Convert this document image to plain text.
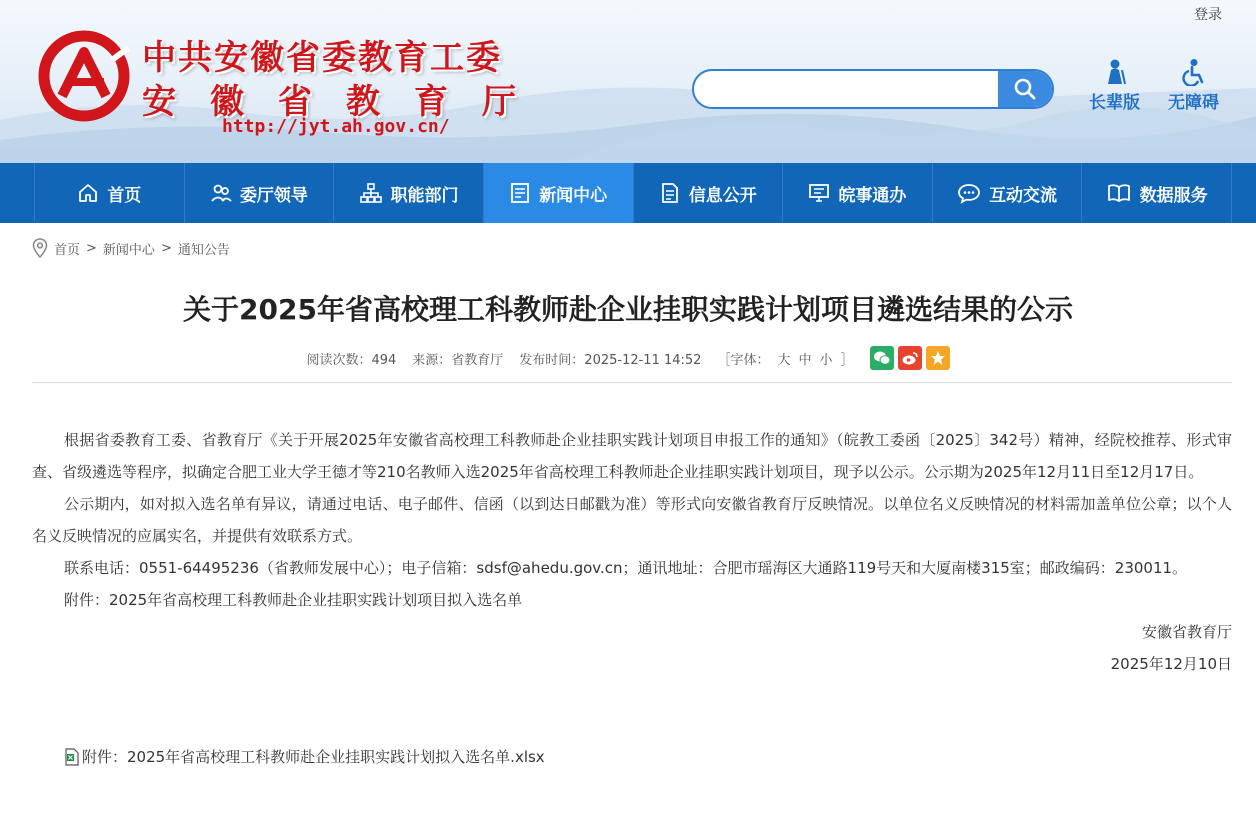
登录
中共安徽省委教育工委
安徽省教育厅
http://jyt.ah.gov.cn/
长辈版 无障碍
首页	委厅领导	职能部门	新闻中心	信息公开	皖事通办	互动交流	数据服务
首页 > 新闻中心 > 通知公告
关于2025年省高校理工科教师赴企业挂职实践计划项目遴选结果的公示
阅读次数：494 来源：省教育厅 发布时间：2025-12-11 14:52 ［字体： 大 中 小 ］

根据省委教育工委、省教育厅《关于开展2025年安徽省高校理工科教师赴企业挂职实践计划项目申报工作的通知》（皖教工委函〔2025〕342号）精神，经院校推荐、形式审查、省级遴选等程序，拟确定合肥工业大学王德才等210名教师入选2025年省高校理工科教师赴企业挂职实践计划项目，现予以公示。公示期为2025年12月11日至12月17日。

公示期内，如对拟入选名单有异议，请通过电话、电子邮件、信函（以到达日邮戳为准）等形式向安徽省教育厅反映情况。以单位名义反映情况的材料需加盖单位公章；以个人名义反映情况的应属实名，并提供有效联系方式。

联系电话：0551-64495236（省教师发展中心）；电子信箱：sdsf@ahedu.gov.cn；通讯地址：合肥市瑶海区大通路119号天和大厦南楼315室；邮政编码：230011。

附件：2025年省高校理工科教师赴企业挂职实践计划项目拟入选名单

安徽省教育厅
2025年12月10日
附件：2025年省高校理工科教师赴企业挂职实践计划拟入选名单.xlsx
